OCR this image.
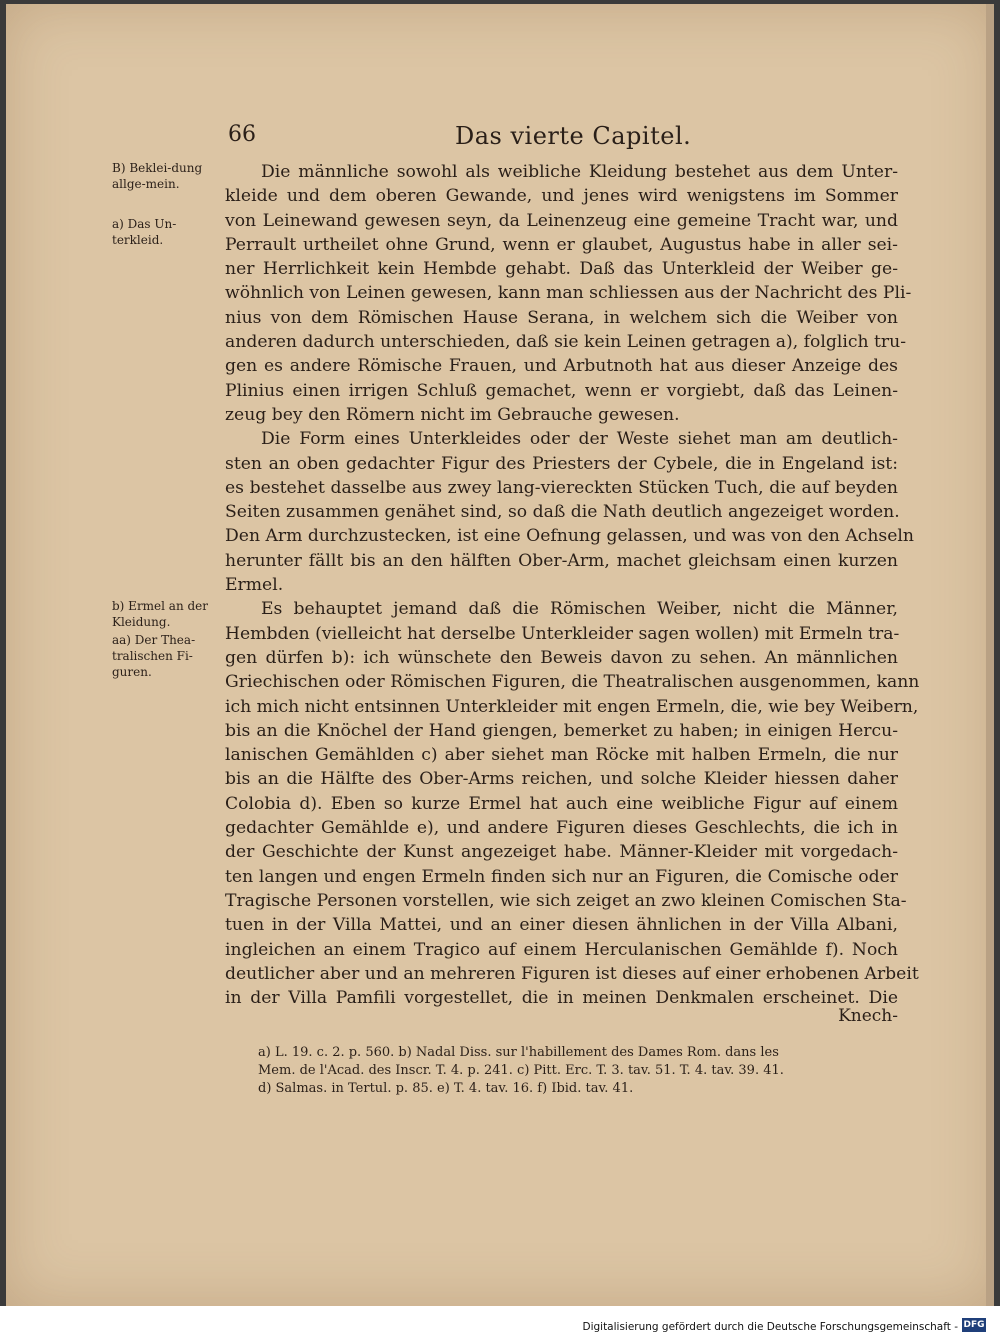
66	Das vierte Capitel.
B) Beklei-dung allge-mein.
a) Das Un-terkleid.
b) Ermel an der Kleidung.
aa) Der Thea-tralischen Fi-guren.
Die männliche sowohl als weibliche Kleidung bestehet aus dem Unter-
kleide und dem oberen Gewande, und jenes wird wenigstens im Sommer
von Leinewand gewesen seyn, da Leinenzeug eine gemeine Tracht war, und
Perrault urtheilet ohne Grund, wenn er glaubet, Augustus habe in aller sei-
ner Herrlichkeit kein Hembde gehabt. Daß das Unterkleid der Weiber ge-
wöhnlich von Leinen gewesen, kann man schliessen aus der Nachricht des Pli-
nius von dem Römischen Hause Serana, in welchem sich die Weiber von
anderen dadurch unterschieden, daß sie kein Leinen getragen a), folglich tru-
gen es andere Römische Frauen, und Arbutnoth hat aus dieser Anzeige des
Plinius einen irrigen Schluß gemachet, wenn er vorgiebt, daß das Leinen-
zeug bey den Römern nicht im Gebrauche gewesen.
Die Form eines Unterkleides oder der Weste siehet man am deutlich-
sten an oben gedachter Figur des Priesters der Cybele, die in Engeland ist:
es bestehet dasselbe aus zwey lang-viereckten Stücken Tuch, die auf beyden
Seiten zusammen genähet sind, so daß die Nath deutlich angezeiget worden.
Den Arm durchzustecken, ist eine Oefnung gelassen, und was von den Achseln
herunter fällt bis an den hälften Ober-Arm, machet gleichsam einen kurzen
Ermel.
Es behauptet jemand daß die Römischen Weiber, nicht die Männer,
Hembden (vielleicht hat derselbe Unterkleider sagen wollen) mit Ermeln tra-
gen dürfen b): ich wünschete den Beweis davon zu sehen. An männlichen
Griechischen oder Römischen Figuren, die Theatralischen ausgenommen, kann
ich mich nicht entsinnen Unterkleider mit engen Ermeln, die, wie bey Weibern,
bis an die Knöchel der Hand giengen, bemerket zu haben; in einigen Hercu-
lanischen Gemählden c) aber siehet man Röcke mit halben Ermeln, die nur
bis an die Hälfte des Ober-Arms reichen, und solche Kleider hiessen daher
Colobia d). Eben so kurze Ermel hat auch eine weibliche Figur auf einem
gedachter Gemählde e), und andere Figuren dieses Geschlechts, die ich in
der Geschichte der Kunst angezeiget habe. Männer-Kleider mit vorgedach-
ten langen und engen Ermeln finden sich nur an Figuren, die Comische oder
Tragische Personen vorstellen, wie sich zeiget an zwo kleinen Comischen Sta-
tuen in der Villa Mattei, und an einer diesen ähnlichen in der Villa Albani,
ingleichen an einem Tragico auf einem Herculanischen Gemählde f). Noch
deutlicher aber und an mehreren Figuren ist dieses auf einer erhobenen Arbeit
in der Villa Pamfili vorgestellet, die in meinen Denkmalen erscheinet. Die
Knech-
a) L. 19. c. 2. p. 560. b) Nadal Diss. sur l'habillement des Dames Rom. dans les
Mem. de l'Acad. des Inscr. T. 4. p. 241. c) Pitt. Erc. T. 3. tav. 51. T. 4. tav. 39. 41.
d) Salmas. in Tertul. p. 85. e) T. 4. tav. 16. f) Ibid. tav. 41.
Digitalisierung gefördert durch die Deutsche Forschungsgemeinschaft - DFG
